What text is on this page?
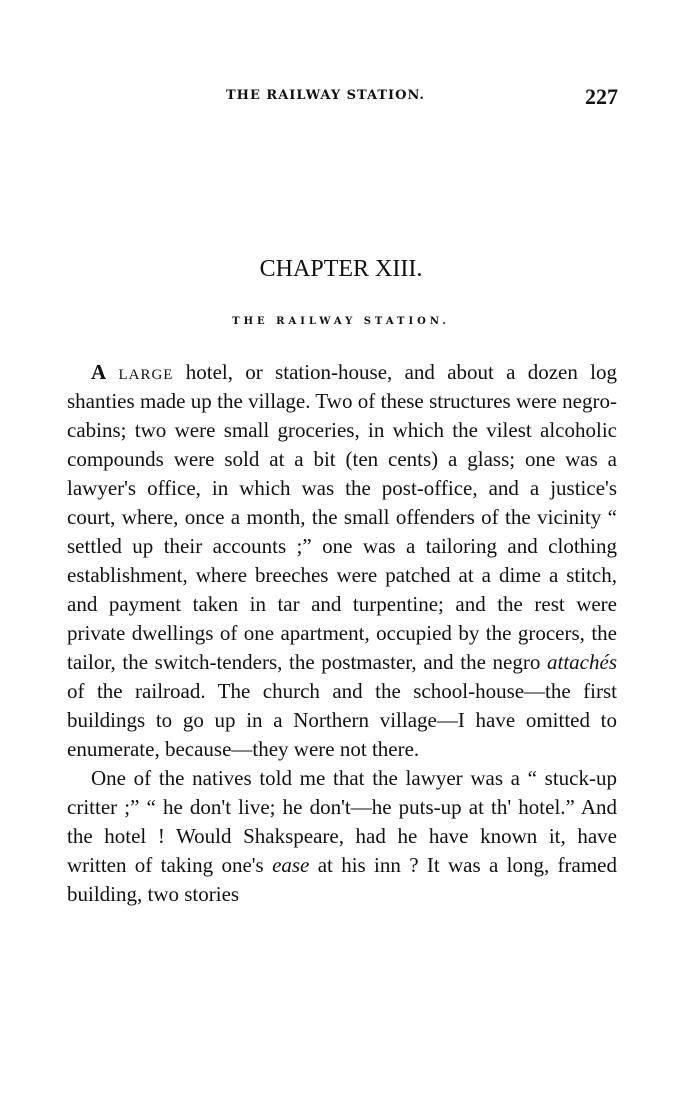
THE RAILWAY STATION.	227
CHAPTER XIII.
THE RAILWAY STATION.

A large hotel, or station-house, and about a dozen log shanties made up the village. Two of these structures were negro-cabins; two were small groceries, in which the vilest alcoholic compounds were sold at a bit (ten cents) a glass; one was a lawyer's office, in which was the post-office, and a justice's court, where, once a month, the small offenders of the vicinity “ settled up their accounts ;” one was a tailoring and clothing establishment, where breeches were patched at a dime a stitch, and payment taken in tar and turpentine; and the rest were private dwellings of one apartment, occupied by the grocers, the tailor, the switch-tenders, the postmaster, and the negro attachés of the railroad. The church and the school-house—the first buildings to go up in a Northern village—I have omitted to enumerate, because—they were not there.

One of the natives told me that the lawyer was a “ stuck-up critter ;” “ he don't live; he don't—he puts-up at th' hotel.” And the hotel ! Would Shakspeare, had he have known it, have written of taking one's ease at his inn ? It was a long, framed building, two stories
